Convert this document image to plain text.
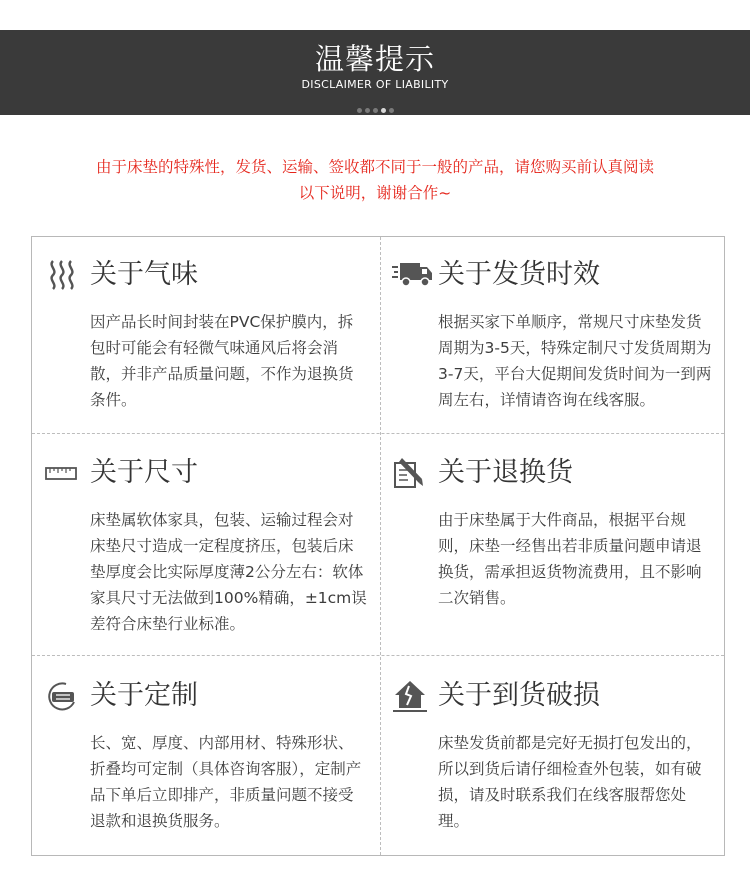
温馨提示
DISCLAIMER OF LIABILITY

由于床垫的特殊性，发货、运输、签收都不同于一般的产品，请您购买前认真阅读

以下说明，谢谢合作~

关于气味

因产品长时间封装在PVC保护膜内，拆包时可能会有轻微气味通风后将会消散，并非产品质量问题，不作为退换货条件。

关于发货时效

根据买家下单顺序，常规尺寸床垫发货周期为3-5天，特殊定制尺寸发货周期为3-7天，平台大促期间发货时间为一到两周左右，详情请咨询在线客服。

关于尺寸

床垫属软体家具，包装、运输过程会对床垫尺寸造成一定程度挤压，包装后床垫厚度会比实际厚度薄2公分左右：软体家具尺寸无法做到100%精确，±1cm误差符合床垫行业标准。

关于退换货

由于床垫属于大件商品，根据平台规则，床垫一经售出若非质量问题申请退换货，需承担返货物流费用，且不影响二次销售。

关于定制

长、宽、厚度、内部用材、特殊形状、折叠均可定制（具体咨询客服），定制产品下单后立即排产，非质量问题不接受退款和退换货服务。

关于到货破损

床垫发货前都是完好无损打包发出的，所以到货后请仔细检查外包装，如有破损，请及时联系我们在线客服帮您处理。
